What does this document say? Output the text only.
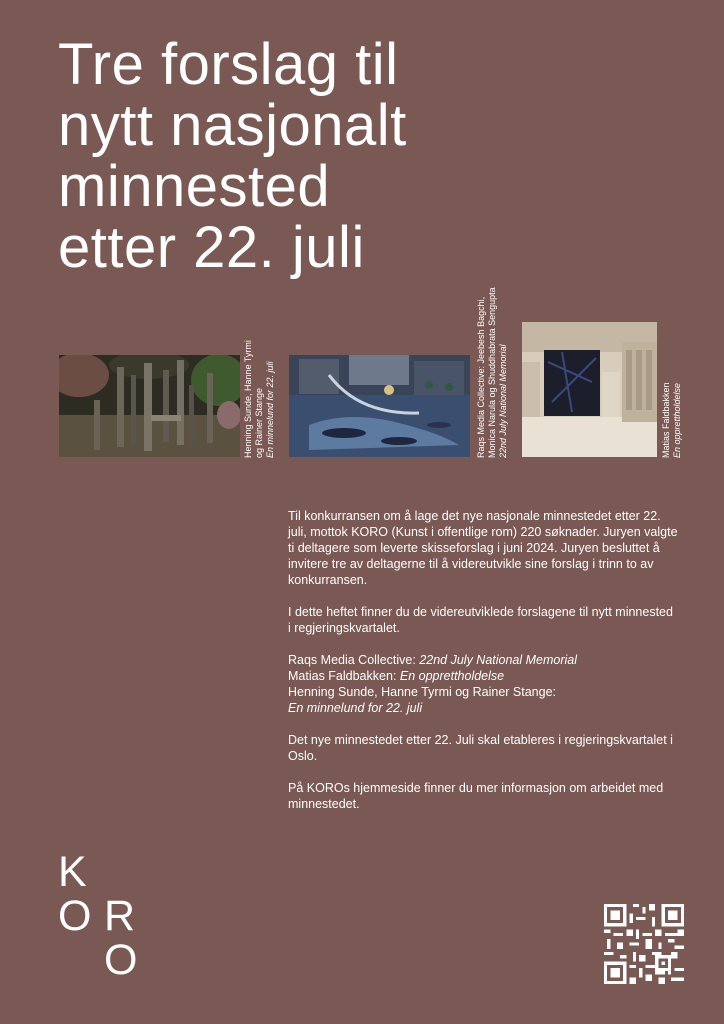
Tre forslag til
nytt nasjonalt
minnested
etter 22. juli
Henning Sunde, Hanne Tyrmi
og Rainer Stange
En minnelund for 22. juli	Raqs Media Collective: Jeebesh Bagchi,
Monica Narula og Shuddhabrata Sengupta
22nd July National Memorial	Matias Faldbakken
En opprettholdelse

Til konkurransen om å lage det nye nasjonale minnestedet etter 22. juli, mottok KORO (Kunst i offentlige rom) 220 søknader. Juryen valgte ti deltagere som leverte skisseforslag i juni 2024. Juryen besluttet å invitere tre av deltagerne til å videreutvikle sine forslag i trinn to av konkurransen.

I dette heftet finner du de videreutviklede forslagene til nytt minnested i regjeringskvartalet.

Raqs Media Collective: 22nd July National Memorial
Matias Faldbakken: En opprettholdelse
Henning Sunde, Hanne Tyrmi og Rainer Stange:
En minnelund for 22. juli

Det nye minnestedet etter 22. Juli skal etableres i regjeringskvartalet i Oslo.

På KOROs hjemmeside finner du mer informasjon om arbeidet med minnestedet.

K
O
O
R
